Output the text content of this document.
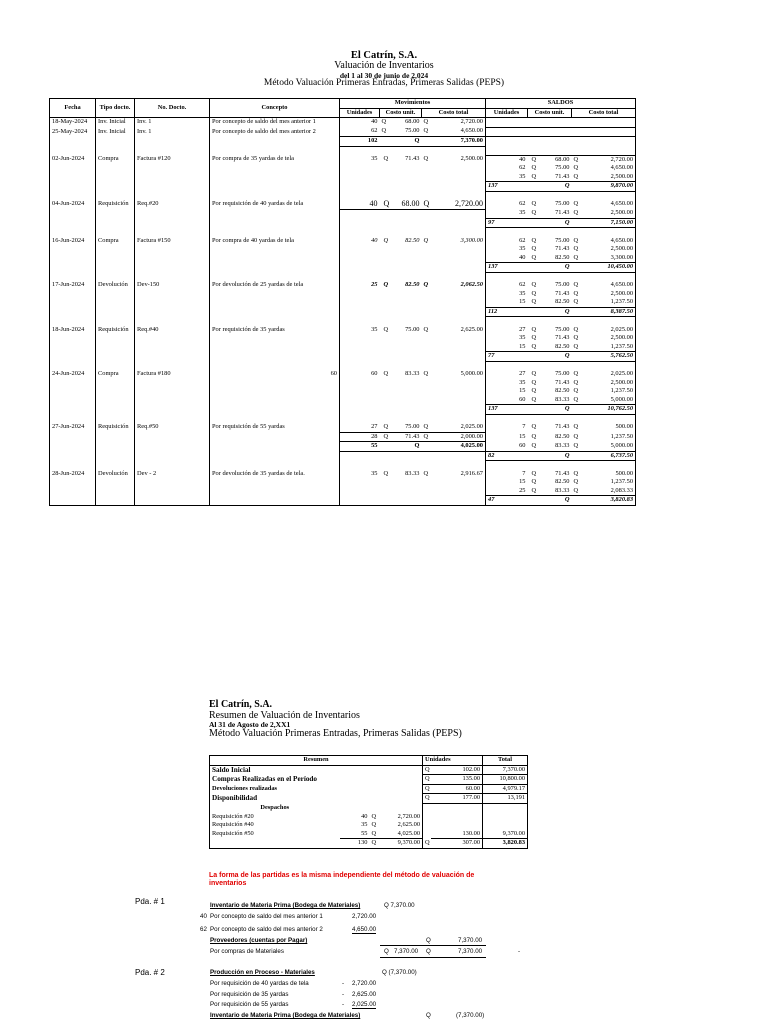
El Catrín, S.A.
Valuación de Inventarios
del 1 al 30 de junio de 2,024
Método Valuación Primeras Entradas, Primeras Salidas (PEPS)
Fecha	Tipo docto.	No. Docto.	Concepto	Movimientos			SALDOS		
				Unidades	Costo unit.	Costo total	Unidades	Costo unit.	Costo total
18-May-2024	Inv. Inicial	Inv. 1	Por concepto de saldo del mes anterior 1	40	Q 68.00	Q 2,720.00			

25-May-2024	Inv. Inicial	Inv. 1	Por concepto de saldo del mes anterior 2	62	Q 75.00	Q 4,650.00			

				102	Q	7,370.00			

02-Jun-2024	Compra	Factura #120	Por compra de 35 yardas de tela	35	Q 71.43	Q 2,500.00	40	Q 68.00	Q 2,720.00

							62	Q 75.00	Q 4,650.00

							35	Q 71.43	Q 2,500.00

							137	Q	9,870.00

04-Jun-2024	Requisición	Req.#20	Por requisición de 40 yardas de tela	40	Q 68.00	Q 2,720.00	62	Q 75.00	Q 4,650.00

							35	Q 71.43	Q 2,500.00

							97	Q	7,150.00

16-Jun-2024	Compra	Factura #150	Por compra de 40 yardas de tela	40	Q 82.50	Q 3,300.00	62	Q 75.00	Q 4,650.00

							35	Q 71.43	Q 2,500.00

							40	Q 82.50	Q 3,300.00

							137	Q	10,450.00

17-Jun-2024	Devolución	Dev-150	Por devolución de 25 yardas de tela	25	Q 82.50	Q 2,062.50	62	Q 75.00	Q 4,650.00

							35	Q 71.43	Q 2,500.00

							15	Q 82.50	Q 1,237.50

							112	Q	8,387.50

18-Jun-2024	Requisición	Req.#40	Por requisición de 35 yardas	35	Q 75.00	Q 2,625.00	27	Q 75.00	Q 2,025.00

							35	Q 71.43	Q 2,500.00

							15	Q 82.50	Q 1,237.50

							77	Q	5,762.50

24-Jun-2024	Compra	Factura #180	60	60	Q 83.33	Q 5,000.00	27	Q 75.00	Q 2,025.00

							35	Q 71.43	Q 2,500.00

							15	Q 82.50	Q 1,237.50

							60	Q 83.33	Q 5,000.00

							137	Q	10,762.50

27-Jun-2024	Requisición	Req.#50	Por requisición de 55 yardas	27	Q 75.00	Q 2,025.00	7	Q 71.43	Q 500.00

				28	Q 71.43	Q 2,000.00	15	Q 82.50	Q 1,237.50

				55	Q	4,025.00	60	Q 83.33	Q 5,000.00

							82	Q	6,737.50

28-Jun-2024	Devolución	Dev - 2	Por devolución de 35 yardas de tela.	35	Q 83.33	Q 2,916.67	7	Q 71.43	Q 500.00

							15	Q 82.50	Q 1,237.50

							25	Q 83.33	Q 2,083.33

							47	Q	3,820.83
El Catrín, S.A.
Resumen de Valuación de Inventarios
Al 31 de Agosto de 2,XX1
Método Valuación Primeras Entradas, Primeras Salidas (PEPS)
Resumen				Unidades		Total
Saldo Inicial				Q	102.00	7,370.00
Compras Realizadas en el Período				Q	135.00	10,800.00
Devoluciones realizadas				Q	60.00	4,979.17
Disponibilidad				Q	177.00	13,191
Despachos						
Requisición #20	40	Q	2,720.00			
Requisición #40	35	Q	2,625.00			
Requisición #50	55	Q	4,025.00		130.00	9,370.00
	130	Q	9,370.00	Q	307.00	3,820.83
La forma de las partidas es la misma independiente del método de valuación de inventarios
Pda. # 1	Inventario de Materia Prima (Bodega de Materiales)	Q 7,370.00
40 Por concepto de saldo del mes anterior 1	2,720.00
62 Por concepto de saldo del mes anterior 2	4,650.00
Proveedores (cuentas por Pagar)	Q	7,370.00
Por compras de Materiales	Q 7,370.00 Q	7,370.00	-
Pda. # 2	Producción en Proceso - Materiales	Q (7,370.00)
Por requisición de 40 yardas de tela	- 2,720.00
Por requisición de 35 yardas	- 2,625.00
Por requisición de 55 yardas	- 2,025.00
Inventario de Materia Prima (Bodega de Materiales)	Q	(7,370.00)
